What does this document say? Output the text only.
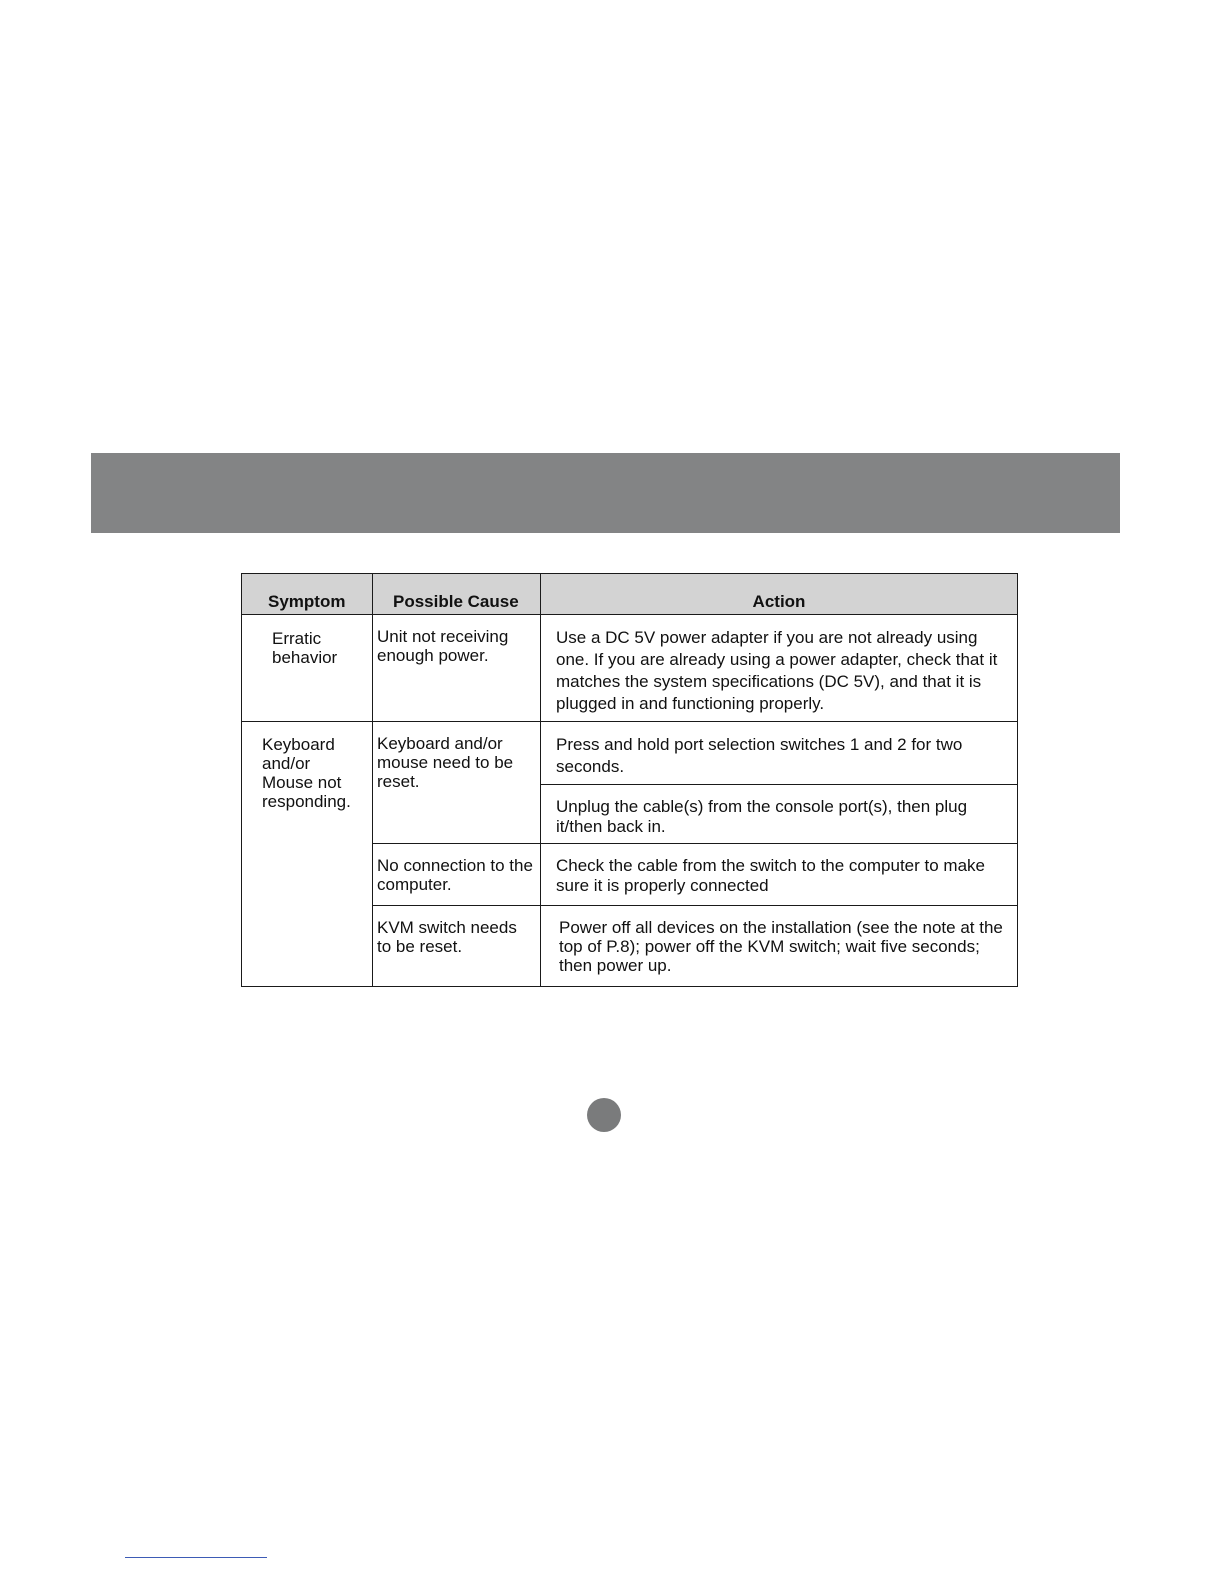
Symptom	Possible Cause	Action

Erratic behavior	Unit not receiving enough power.	Use a DC 5V power adapter if you are not already using one. If you are already using a power adapter, check that it matches the system specifications (DC 5V), and that it is plugged in and functioning properly.
Keyboard and/or Mouse not responding.	Keyboard and/or mouse need to be reset.	Press and hold port selection switches 1 and 2 for two seconds.
		Unplug the cable(s) from the console port(s), then plug it/then back in.
	No connection to the computer.	Check the cable from the switch to the computer to make sure it is properly connected
	KVM switch needs to be reset.	Power off all devices on the installation (see the note at the top of P.8); power off the KVM switch; wait five seconds; then power up.
